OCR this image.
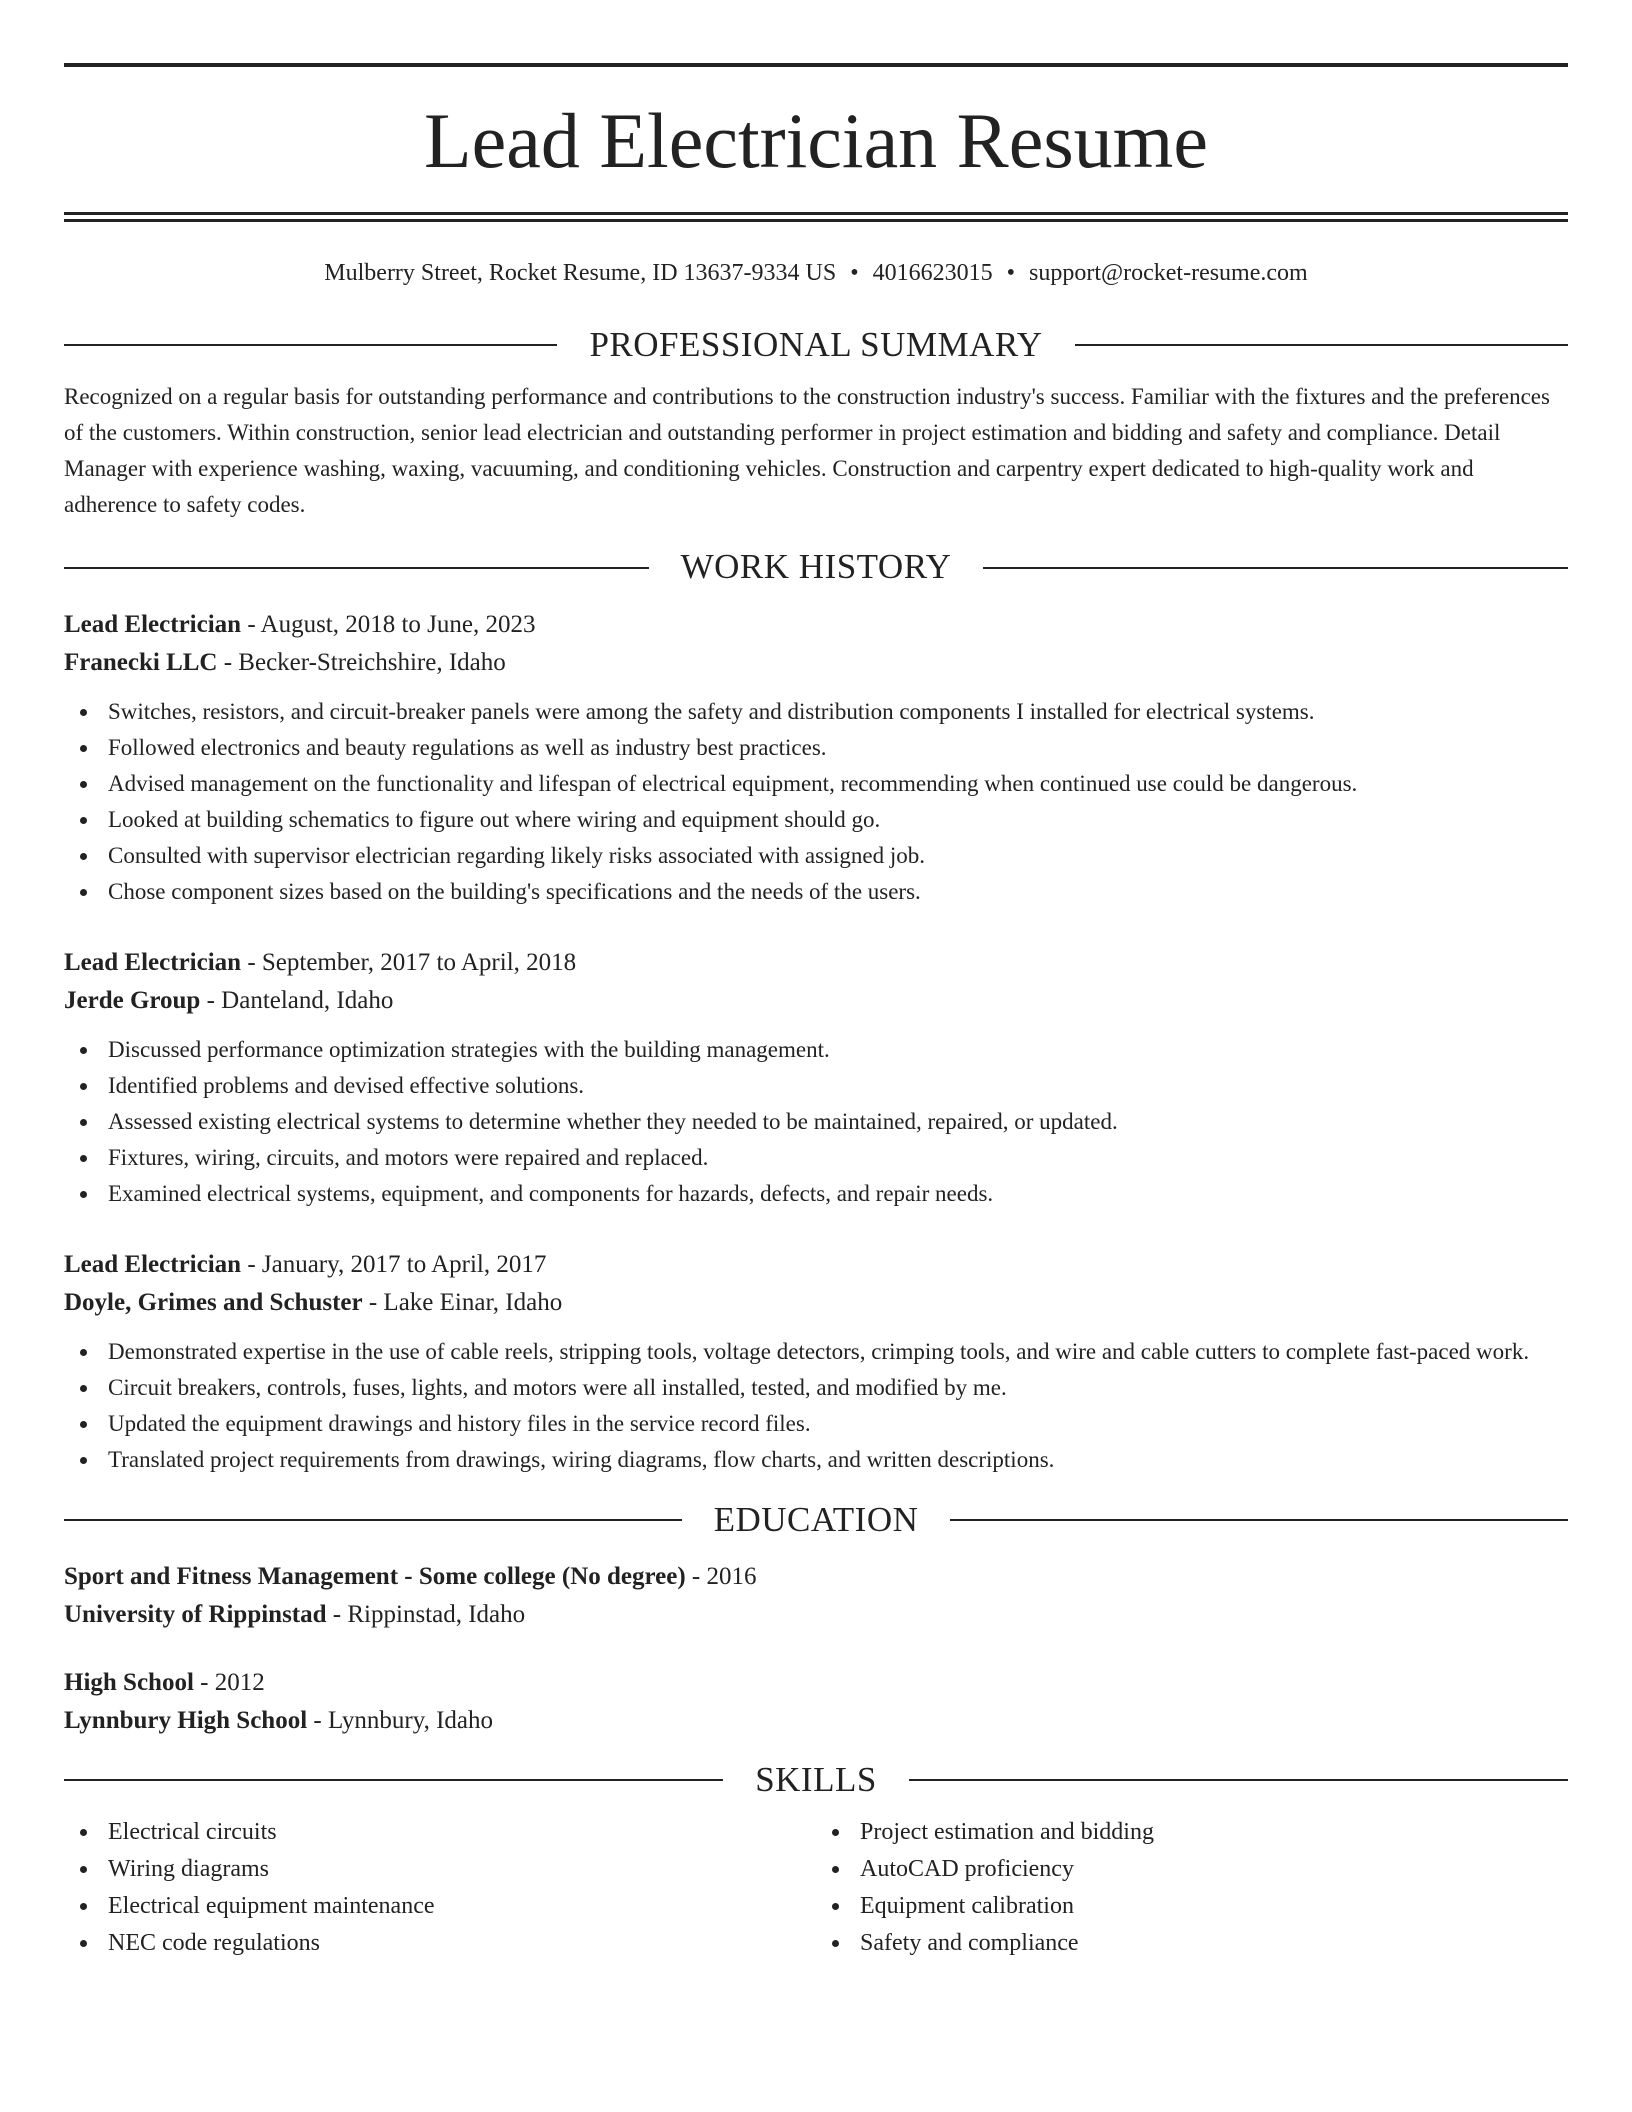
Lead Electrician Resume
Mulberry Street, Rocket Resume, ID 13637-9334 US • 4016623015 • support@rocket-resume.com
PROFESSIONAL SUMMARY
Recognized on a regular basis for outstanding performance and contributions to the construction industry's success. Familiar with the fixtures and the preferences of the customers. Within construction, senior lead electrician and outstanding performer in project estimation and bidding and safety and compliance. Detail Manager with experience washing, waxing, vacuuming, and conditioning vehicles. Construction and carpentry expert dedicated to high-quality work and adherence to safety codes.
WORK HISTORY
Lead Electrician - August, 2018 to June, 2023
Franecki LLC - Becker-Streichshire, Idaho
Switches, resistors, and circuit-breaker panels were among the safety and distribution components I installed for electrical systems.
Followed electronics and beauty regulations as well as industry best practices.
Advised management on the functionality and lifespan of electrical equipment, recommending when continued use could be dangerous.
Looked at building schematics to figure out where wiring and equipment should go.
Consulted with supervisor electrician regarding likely risks associated with assigned job.
Chose component sizes based on the building's specifications and the needs of the users.
Lead Electrician - September, 2017 to April, 2018
Jerde Group - Danteland, Idaho
Discussed performance optimization strategies with the building management.
Identified problems and devised effective solutions.
Assessed existing electrical systems to determine whether they needed to be maintained, repaired, or updated.
Fixtures, wiring, circuits, and motors were repaired and replaced.
Examined electrical systems, equipment, and components for hazards, defects, and repair needs.
Lead Electrician - January, 2017 to April, 2017
Doyle, Grimes and Schuster - Lake Einar, Idaho
Demonstrated expertise in the use of cable reels, stripping tools, voltage detectors, crimping tools, and wire and cable cutters to complete fast-paced work.
Circuit breakers, controls, fuses, lights, and motors were all installed, tested, and modified by me.
Updated the equipment drawings and history files in the service record files.
Translated project requirements from drawings, wiring diagrams, flow charts, and written descriptions.
EDUCATION
Sport and Fitness Management - Some college (No degree) - 2016
University of Rippinstad - Rippinstad, Idaho
High School - 2012
Lynnbury High School - Lynnbury, Idaho
SKILLS
Electrical circuits
Wiring diagrams
Electrical equipment maintenance
NEC code regulations
Project estimation and bidding
AutoCAD proficiency
Equipment calibration
Safety and compliance
